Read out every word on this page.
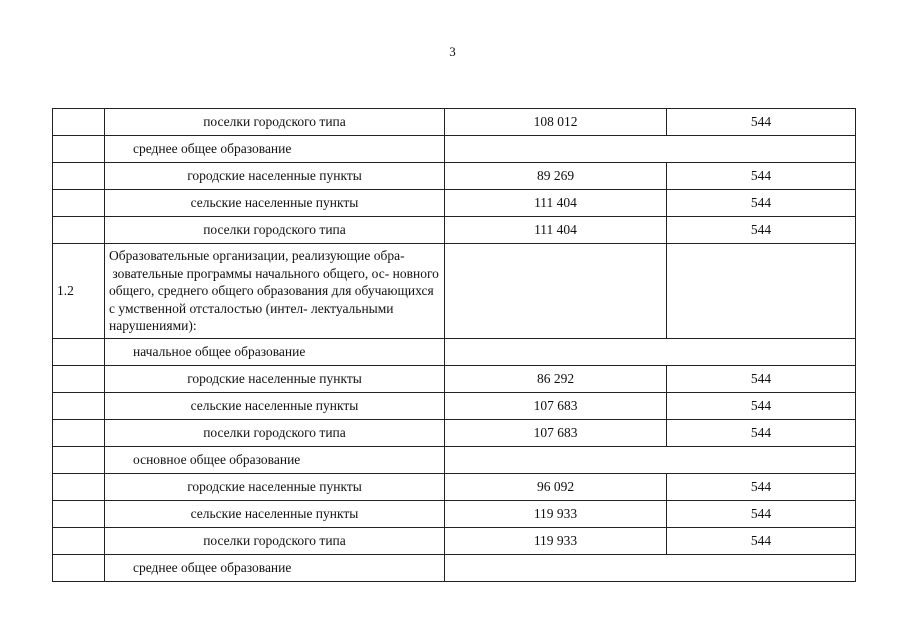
3
	поселки городского типа	108 012	544
	среднее общее образование		
	городские населенные пункты	89 269	544
	сельские населенные пункты	111 404	544
	поселки городского типа	111 404	544
1.2	Образовательные организации, реализующие обра- зовательные программы начального общего, ос- новного общего, среднего общего образования для обучающихся с умственной отсталостью (интел- лектуальными нарушениями):		
	начальное общее образование		
	городские населенные пункты	86 292	544
	сельские населенные пункты	107 683	544
	поселки городского типа	107 683	544
	основное общее образование		
	городские населенные пункты	96 092	544
	сельские населенные пункты	119 933	544
	поселки городского типа	119 933	544
	среднее общее образование		
